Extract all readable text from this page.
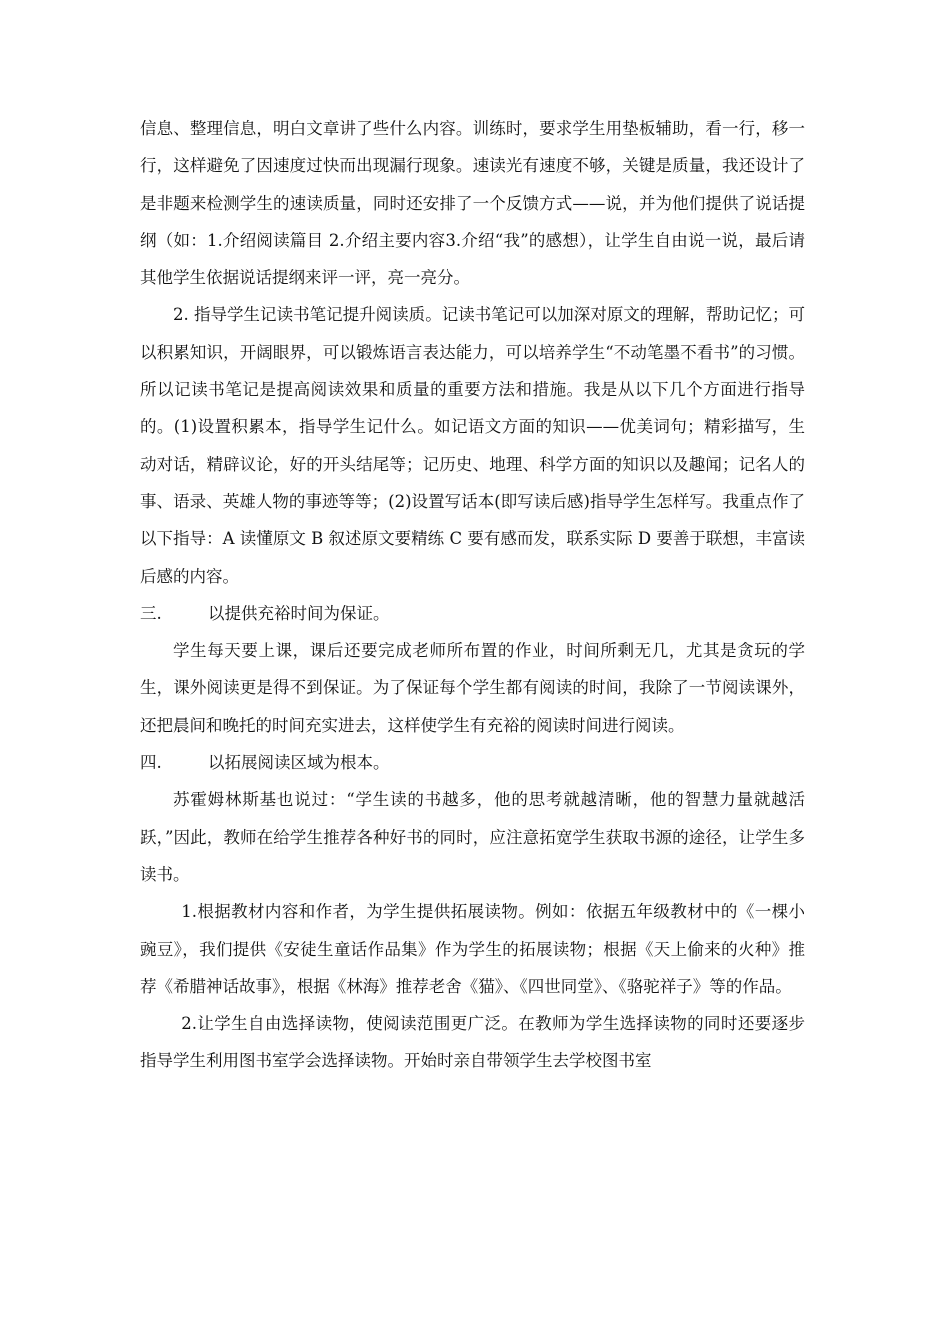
信息、整理信息，明白文章讲了些什么内容。训练时，要求学生用垫板辅助，看一行，移一行，这样避免了因速度过快而出现漏行现象。速读光有速度不够，关键是质量，我还设计了是非题来检测学生的速读质量，同时还安排了一个反馈方式——说，并为他们提供了说话提纲（如：1.介绍阅读篇目 2.介绍主要内容3.介绍“我”的感想），让学生自由说一说，最后请其他学生依据说话提纲来评一评，亮一亮分。

2. 指导学生记读书笔记提升阅读质。记读书笔记可以加深对原文的理解，帮助记忆；可以积累知识，开阔眼界，可以锻炼语言表达能力，可以培养学生“不动笔墨不看书”的习惯。所以记读书笔记是提高阅读效果和质量的重要方法和措施。我是从以下几个方面进行指导的。(1)设置积累本，指导学生记什么。如记语文方面的知识——优美词句；精彩描写，生动对话，精辟议论，好的开头结尾等；记历史、地理、科学方面的知识以及趣闻；记名人的事、语录、英雄人物的事迹等等；(2)设置写话本(即写读后感)指导学生怎样写。我重点作了以下指导：A 读懂原文 B 叙述原文要精练 C 要有感而发，联系实际 D 要善于联想，丰富读后感的内容。

三.	以提供充裕时间为保证。

学生每天要上课，课后还要完成老师所布置的作业，时间所剩无几，尤其是贪玩的学生，课外阅读更是得不到保证。为了保证每个学生都有阅读的时间，我除了一节阅读课外，还把晨间和晚托的时间充实进去，这样使学生有充裕的阅读时间进行阅读。

四.	以拓展阅读区域为根本。

苏霍姆林斯基也说过：“学生读的书越多，他的思考就越清晰，他的智慧力量就越活跃，”因此，教师在给学生推荐各种好书的同时，应注意拓宽学生获取书源的途径，让学生多读书。

1.根据教材内容和作者，为学生提供拓展读物。例如：依据五年级教材中的《一棵小豌豆》，我们提供《安徒生童话作品集》作为学生的拓展读物；根据《天上偷来的火种》推荐《希腊神话故事》，根据《林海》推荐老舍《猫》、《四世同堂》、《骆驼祥子》等的作品。

2.让学生自由选择读物，使阅读范围更广泛。在教师为学生选择读物的同时还要逐步指导学生利用图书室学会选择读物。开始时亲自带领学生去学校图书室
